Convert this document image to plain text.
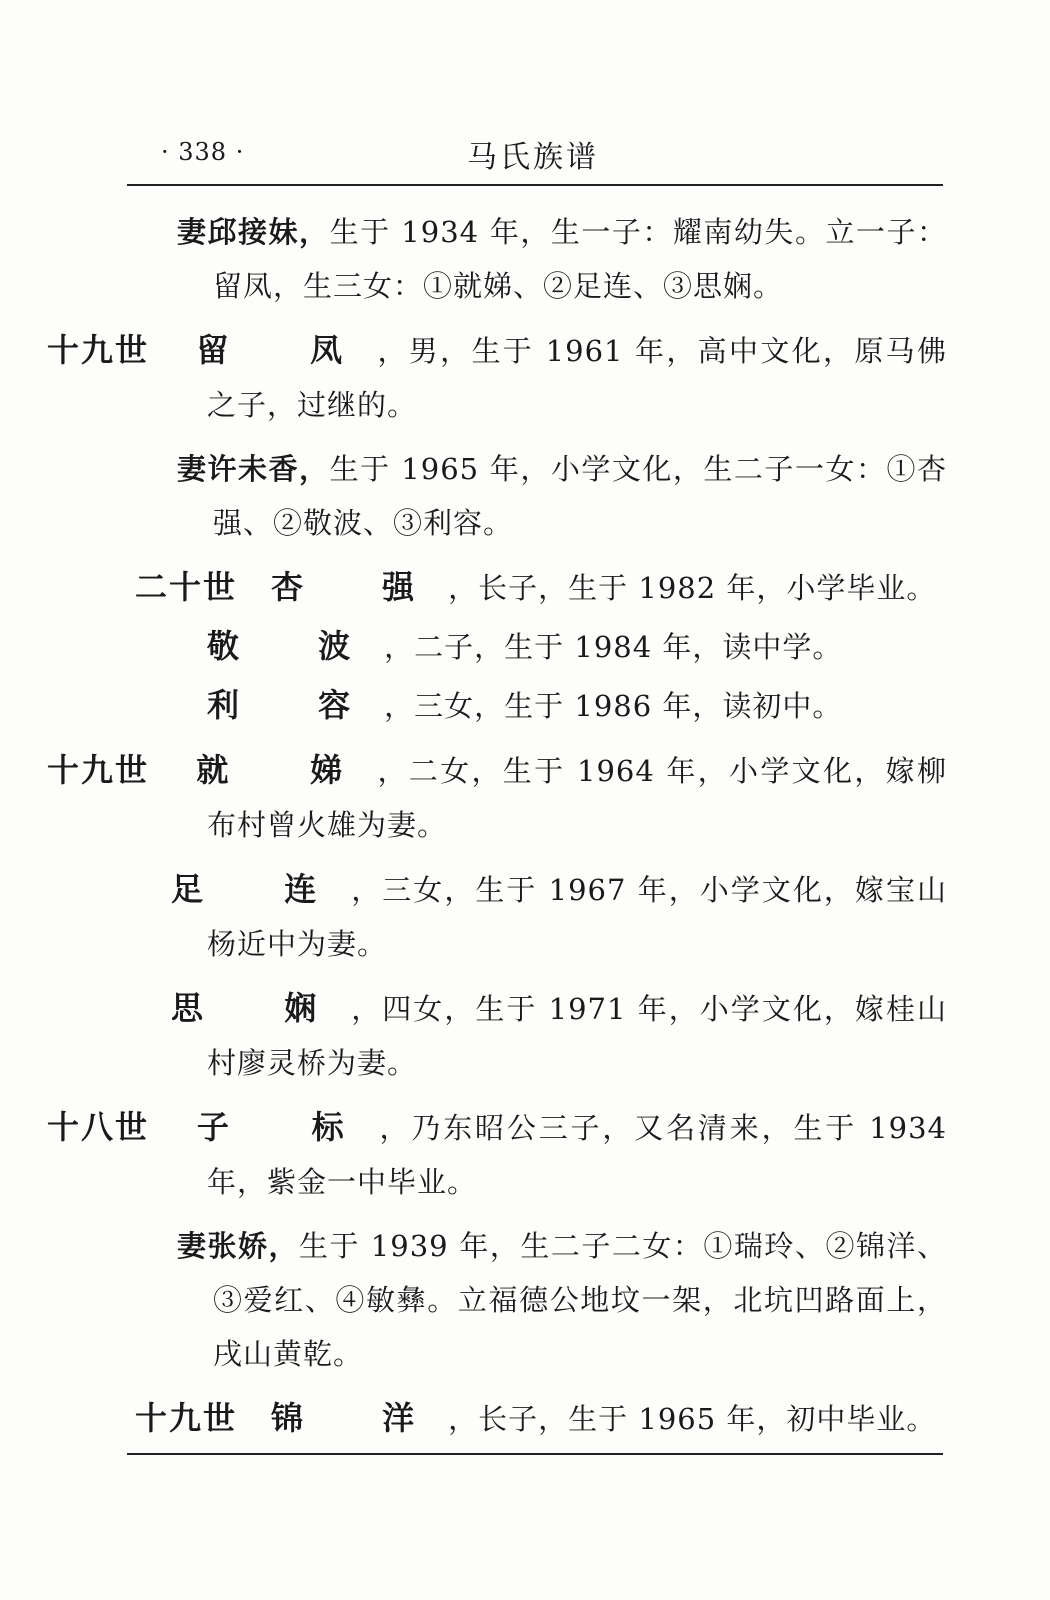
· 338 ·	马氏族谱
妻邱接妹，生于 1934 年，生一子：耀南幼失。立一子：留凤，生三女：①就娣、②足连、③思娴。
十九世 留 凤，男，生于 1961 年，高中文化，原马佛之子，过继的。
妻许未香，生于 1965 年，小学文化，生二子一女：①杏强、②敬波、③利容。
二十世 杏 强，长子，生于 1982 年，小学毕业。
敬 波，二子，生于 1984 年，读中学。
利 容，三女，生于 1986 年，读初中。
十九世 就 娣，二女，生于 1964 年，小学文化，嫁柳布村曾火雄为妻。
足 连，三女，生于 1967 年，小学文化，嫁宝山杨近中为妻。
思 娴，四女，生于 1971 年，小学文化，嫁桂山村廖灵桥为妻。
十八世 子 标，乃东昭公三子，又名清来，生于 1934 年，紫金一中毕业。
妻张娇，生于 1939 年，生二子二女：①瑞玲、②锦洋、③爱红、④敏彝。立福德公地坟一架，北坑凹路面上，戌山黄乾。
十九世 锦 洋，长子，生于 1965 年，初中毕业。
